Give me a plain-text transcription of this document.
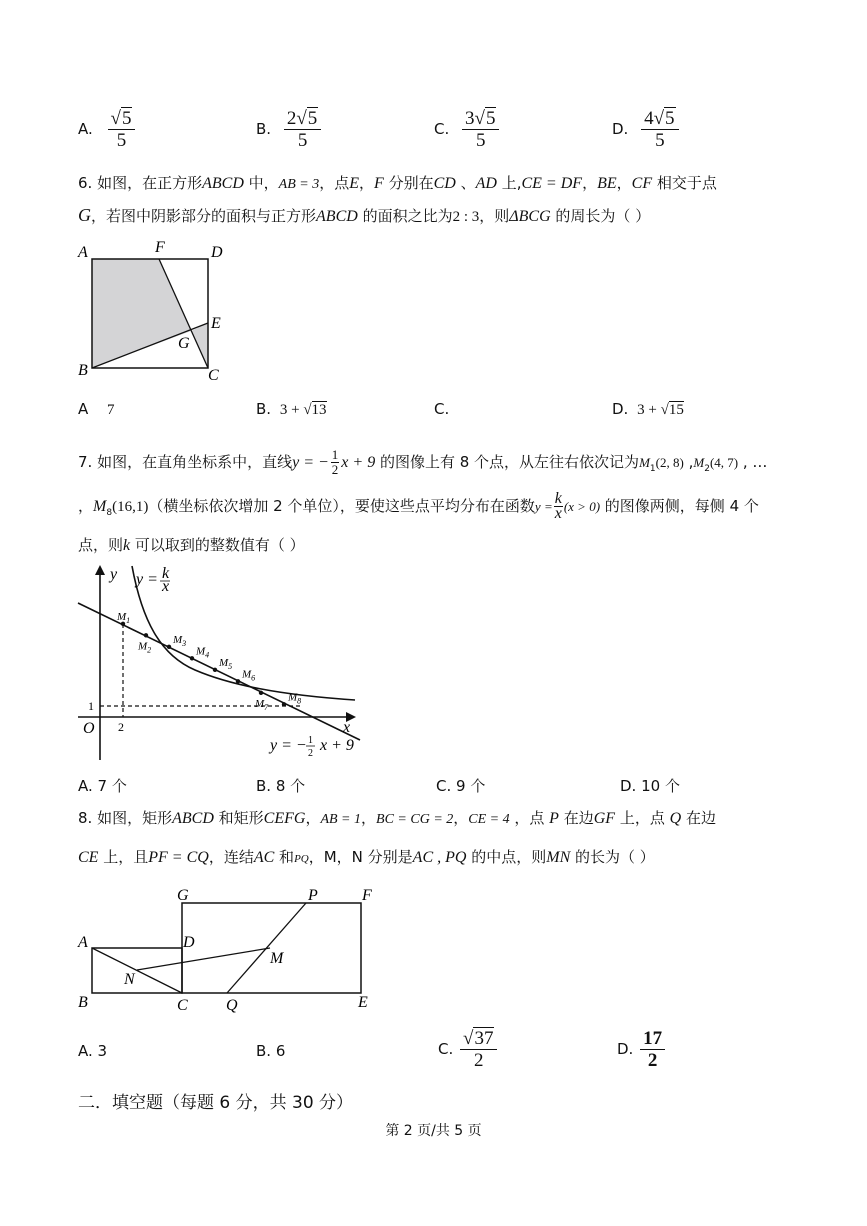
A. $\frac{√5}{5}$	B. $\frac{2√5}{5}$	C. $\frac{3√5}{5}$	D. $\frac{4√5}{5}$
6. 如图，在正方形ABCD 中，AB = 3，点E，F 分别在CD 、AD 上,CE = DF，BE，CF 相交于点
G，若图中阴影部分的面积与正方形ABCD 的面积之比为2 : 3，则ΔBCG 的周长为（ ）
A	F	D
E
G
B	C
A 7	B. 3 + √13	C.	D. 3 + √15
7. 如图，在直角坐标系中，直线y = − $\frac{1}{2}$ x + 9 的图像上有 8 个点，从左往右依次记为$M_1(2$, 8) $,M_2(4$, 7) , …
，$M_8(16,1)$（横坐标依次增加 2 个单位），要使这些点平均分布在函数$y = \frac{k}{x} (x > 0)$ 的图像两侧，每侧 4 个
点，则k 可以取到的整数值有（ ）
$M_1$
$M_2$
$M_3$
$M_4$
$M_5$
$M_6$
$M_7$
$M_8$
y
x
O
1
2
y = k
x
y = − 1
2 x + 9
A. 7 个	B. 8 个	C. 9 个	D. 10 个
8. 如图，矩形ABCD 和矩形CEFG，AB = 1，BC = CG = 2，CE = 4 ，点 P 在边GF 上，点 Q 在边
CE 上，且PF = CQ，连结AC 和PQ，M，N 分别是AC , PQ 的中点，则MN 的长为（ ）
G	P	F
A	D
M
N
B	C Q	E
A. 3	B. 6	C. $\frac{√37}{2}$	D. $\frac{17}{2}$
二．填空题（每题 6 分，共 30 分）
第 2 页/共 5 页
